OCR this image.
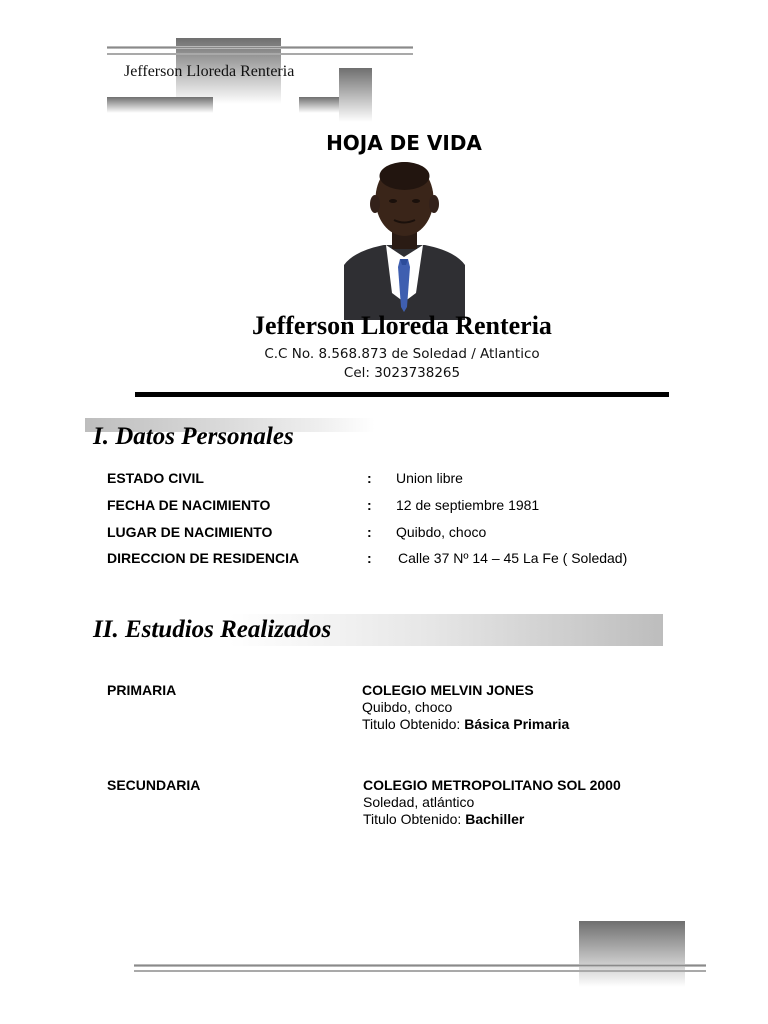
Jefferson Lloreda Renteria
HOJA DE VIDA
Jefferson Lloreda Renteria
C.C No. 8.568.873 de Soledad / Atlantico
Cel: 3023738265
I. Datos Personales
ESTADO CIVIL	: Union libre
FECHA DE NACIMIENTO	: 12 de septiembre 1981
LUGAR DE NACIMIENTO	: Quibdo, choco
DIRECCION DE RESIDENCIA	: Calle 37 Nº 14 – 45 La Fe ( Soledad)
II. Estudios Realizados
PRIMARIA	COLEGIO MELVIN JONES
Quibdo, choco
Titulo Obtenido: Básica Primaria
SECUNDARIA	COLEGIO METROPOLITANO SOL 2000
Soledad, atlántico
Titulo Obtenido: Bachiller
